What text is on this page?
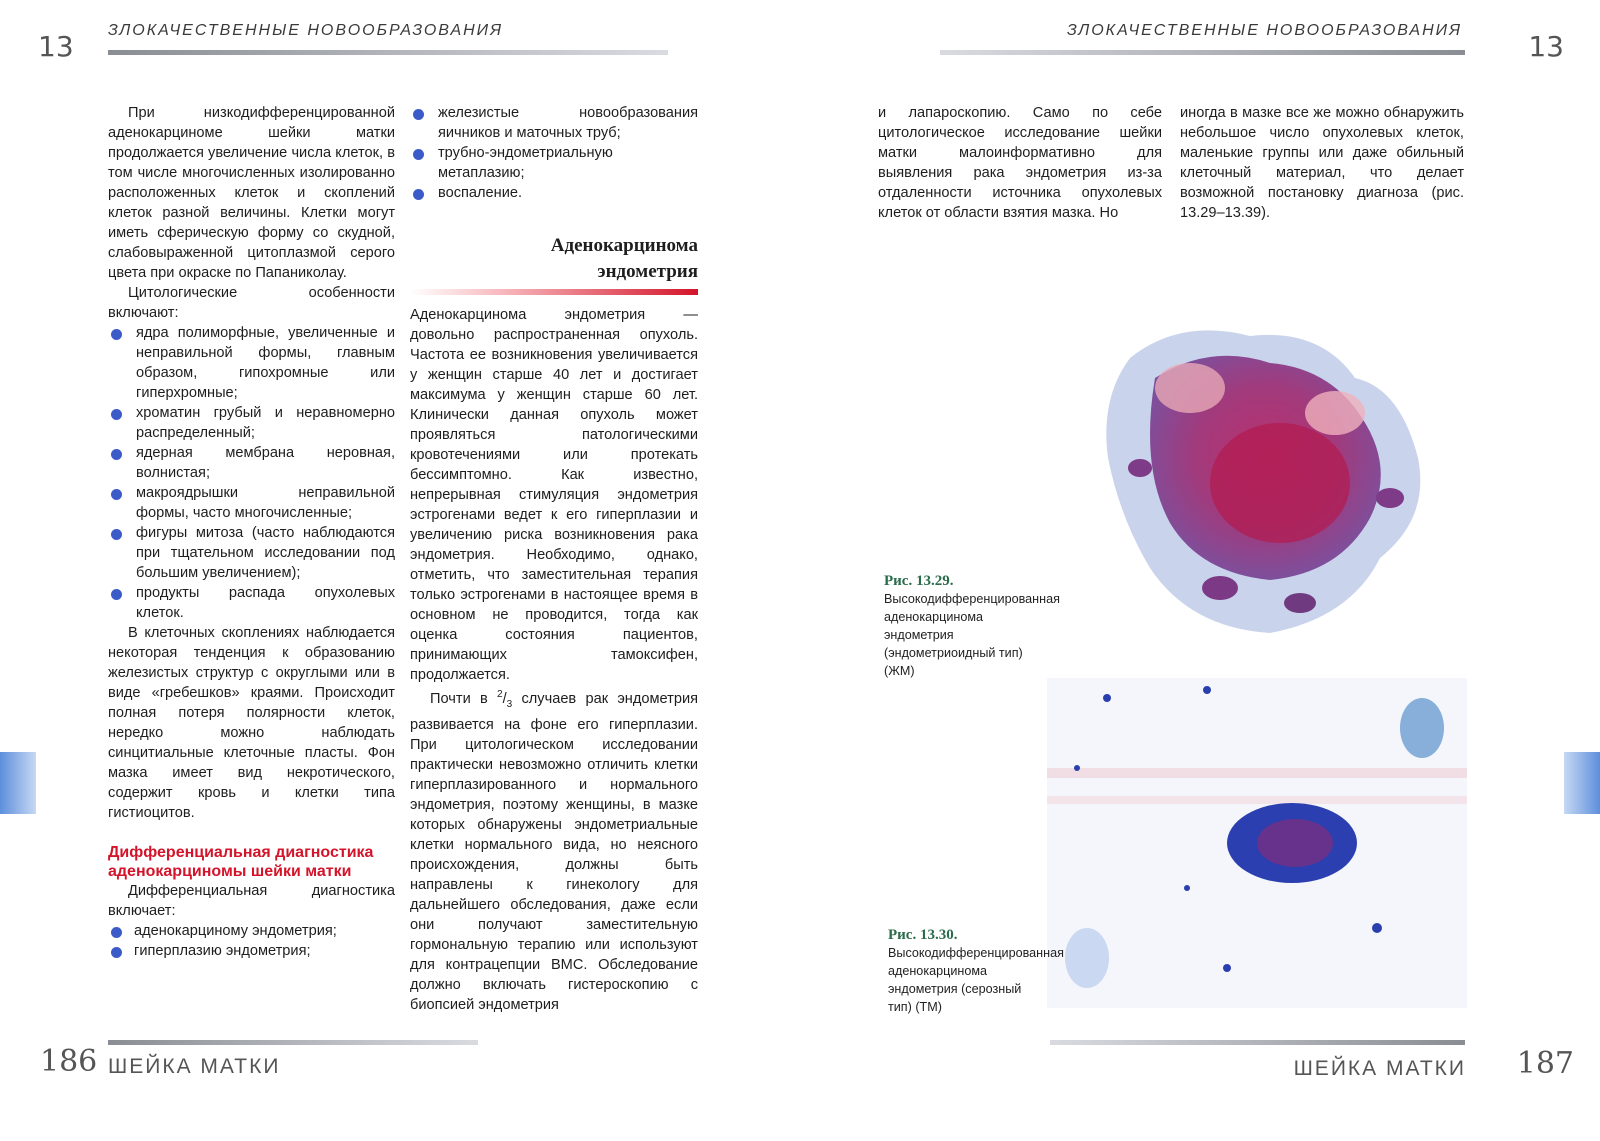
13 ЗЛОКАЧЕСТВЕННЫЕ НОВООБРАЗОВАНИЯ	ЗЛОКАЧЕСТВЕННЫЕ НОВООБРАЗОВАНИЯ 13

При низкодифференцированной аденокарциноме шейки матки продолжается увеличение числа клеток, в том числе многочисленных изолированно расположенных клеток и скоплений клеток разной величины. Клетки могут иметь сферическую форму со скудной, слабовыраженной цитоплазмой серого цвета при окраске по Папаниколау.

Цитологические особенности включают:

ядра полиморфные, увеличенные и неправильной формы, главным образом, гипохромные или гиперхромные;
хроматин грубый и неравномерно распределенный;
ядерная мембрана неровная, волнистая;
макроядрышки неправильной формы, часто многочисленные;
фигуры митоза (часто наблюдаются при тщательном исследовании под большим увеличением);
продукты распада опухолевых клеток.

В клеточных скоплениях наблюдается некоторая тенденция к образованию железистых структур с округлыми или в виде «гребешков» краями. Происходит полная потеря полярности клеток, нередко можно наблюдать синцитиальные клеточные пласты. Фон мазка имеет вид некротического, содержит кровь и клетки типа гистиоцитов.

Дифференциальная диагностика аденокарциномы шейки матки

Дифференциальная диагностика включает:

аденокарциному эндометрия;
гиперплазию эндометрия;
железистые новообразования яичников и маточных труб;
трубно-эндометриальную метаплазию;
воспаление.
Аденокарцинома
эндометрия

Аденокарцинома эндометрия — довольно распространенная опухоль. Частота ее возникновения увеличивается у женщин старше 40 лет и достигает максимума у женщин старше 60 лет. Клинически данная опухоль может проявляться патологическими кровотечениями или протекать бессимптомно. Как известно, непрерывная стимуляция эндометрия эстрогенами ведет к его гиперплазии и увеличению риска возникновения рака эндометрия. Необходимо, однако, отметить, что заместительная терапия только эстрогенами в настоящее время в основном не проводится, тогда как оценка состояния пациентов, принимающих тамоксифен, продолжается.

Почти в $^2/_3$ случаев рак эндометрия развивается на фоне его гиперплазии. При цитологическом исследовании практически невозможно отличить клетки гиперплазированного и нормального эндометрия, поэтому женщины, в мазке которых обнаружены эндометриальные клетки нормального вида, но неясного происхождения, должны быть направлены к гинекологу для дальнейшего обследования, даже если они получают заместительную гормональную терапию или используют для контрацепции ВМС. Обследование должно включать гистероскопию с биопсией эндометрия

и лапароскопию. Само по себе цитологическое исследование шейки матки малоинформативно для выявления рака эндометрия из-за отдаленности источника опухолевых клеток от области взятия мазка. Но

иногда в мазке все же можно обнаружить небольшое число опухолевых клеток, маленькие группы или даже обильный клеточный материал, что делает возможной постановку диагноза (рис. 13.29–13.39).

Рис. 13.29. Высокодифференцированная аденокарцинома эндометрия (эндометриоидный тип) (ЖМ)
Рис. 13.30. Высокодифференцированная аденокарцинома эндометрия (серозный тип) (ТМ)
186 ШЕЙКА МАТКИ	ШЕЙКА МАТКИ 187
